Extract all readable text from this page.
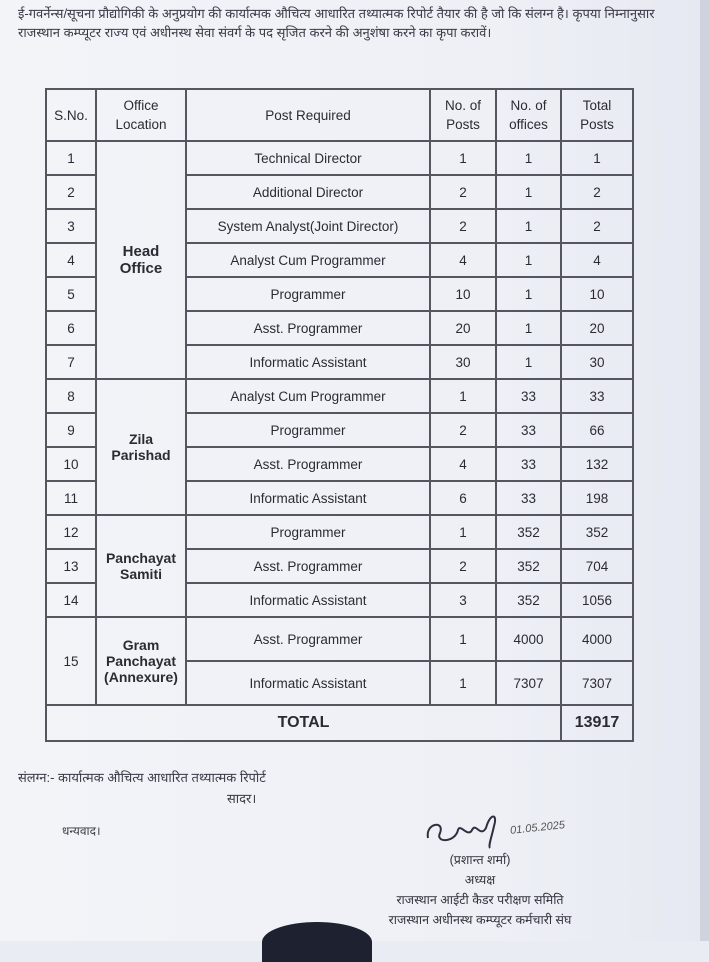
ई-गवर्नेन्स/सूचना प्रौद्योगिकी के अनुप्रयोग की कार्यात्मक औचित्य आधारित तथ्यात्मक रिपोर्ट तैयार की है जो कि संलग्न है। कृपया निम्नानुसार राजस्थान कम्प्यूटर राज्य एवं अधीनस्थ सेवा संवर्ग के पद सृजित करने की अनुशंषा करने का कृपा करावें।
S.No.	Office Location	Post Required	No. of Posts	No. of offices	Total Posts
1	Head Office	Technical Director	1	1	1
2		Additional Director	2	1	2
3		System Analyst(Joint Director)	2	1	2
4		Analyst Cum Programmer	4	1	4
5		Programmer	10	1	10
6		Asst. Programmer	20	1	20
7		Informatic Assistant	30	1	30
8	Zila Parishad	Analyst Cum Programmer	1	33	33
9		Programmer	2	33	66
10		Asst. Programmer	4	33	132
11		Informatic Assistant	6	33	198
12	Panchayat Samiti	Programmer	1	352	352
13		Asst. Programmer	2	352	704
14		Informatic Assistant	3	352	1056
15	Gram Panchayat (Annexure)	Asst. Programmer	1	4000	4000
		Informatic Assistant	1	7307	7307
TOTAL					13917
संलग्न:- कार्यात्मक औचित्य आधारित तथ्यात्मक रिपोर्ट
सादर।
धन्यवाद।	01.05.2025
(प्रशान्त शर्मा)
अध्यक्ष
राजस्थान आईटी कैडर परीक्षण समिति
राजस्थान अधीनस्थ कम्प्यूटर कर्मचारी संघ
